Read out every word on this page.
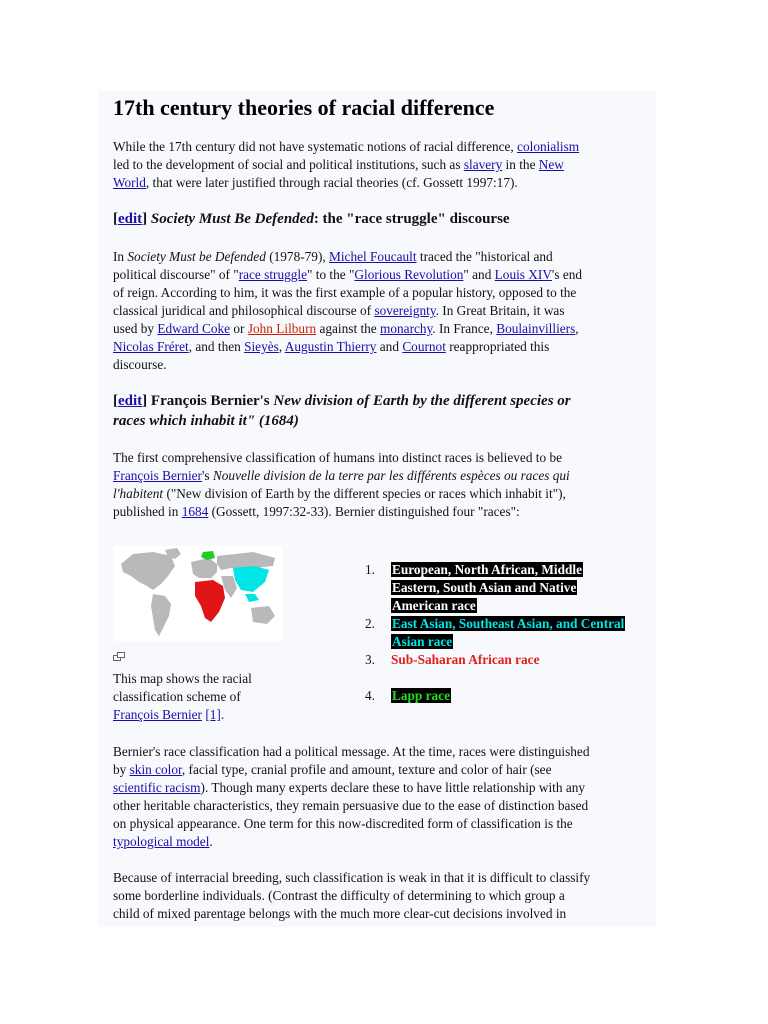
17th century theories of racial difference

While the 17th century did not have systematic notions of racial difference, colonialism
led to the development of social and political institutions, such as slavery in the New
World, that were later justified through racial theories (cf. Gossett 1997:17).

[edit] Society Must Be Defended: the "race struggle" discourse

In Society Must be Defended (1978-79), Michel Foucault traced the "historical and
political discourse" of "race struggle" to the "Glorious Revolution" and Louis XIV's end
of reign. According to him, it was the first example of a popular history, opposed to the
classical juridical and philosophical discourse of sovereignty. In Great Britain, it was
used by Edward Coke or John Lilburn against the monarchy. In France, Boulainvilliers,
Nicolas Fréret, and then Sieyès, Augustin Thierry and Cournot reappropriated this
discourse.

[edit] François Bernier's New division of Earth by the different species or
races which inhabit it" (1684)

The first comprehensive classification of humans into distinct races is believed to be
François Bernier's Nouvelle division de la terre par les différents espèces ou races qui
l'habitent ("New division of Earth by the different species or races which inhabit it"),
published in 1684 (Gossett, 1997:32-33). Bernier distinguished four "races":

This map shows the racial
classification scheme of
François Bernier [1].
1.	European, North African, Middle
Eastern, South Asian and Native
American race
2.	East Asian, Southeast Asian, and Central
Asian race
3.	Sub-Saharan African race
4.	Lapp race

Bernier's race classification had a political message. At the time, races were distinguished
by skin color, facial type, cranial profile and amount, texture and color of hair (see
scientific racism). Though many experts declare these to have little relationship with any
other heritable characteristics, they remain persuasive due to the ease of distinction based
on physical appearance. One term for this now-discredited form of classification is the
typological model.

Because of interracial breeding, such classification is weak in that it is difficult to classify
some borderline individuals. (Contrast the difficulty of determining to which group a
child of mixed parentage belongs with the much more clear-cut decisions involved in
